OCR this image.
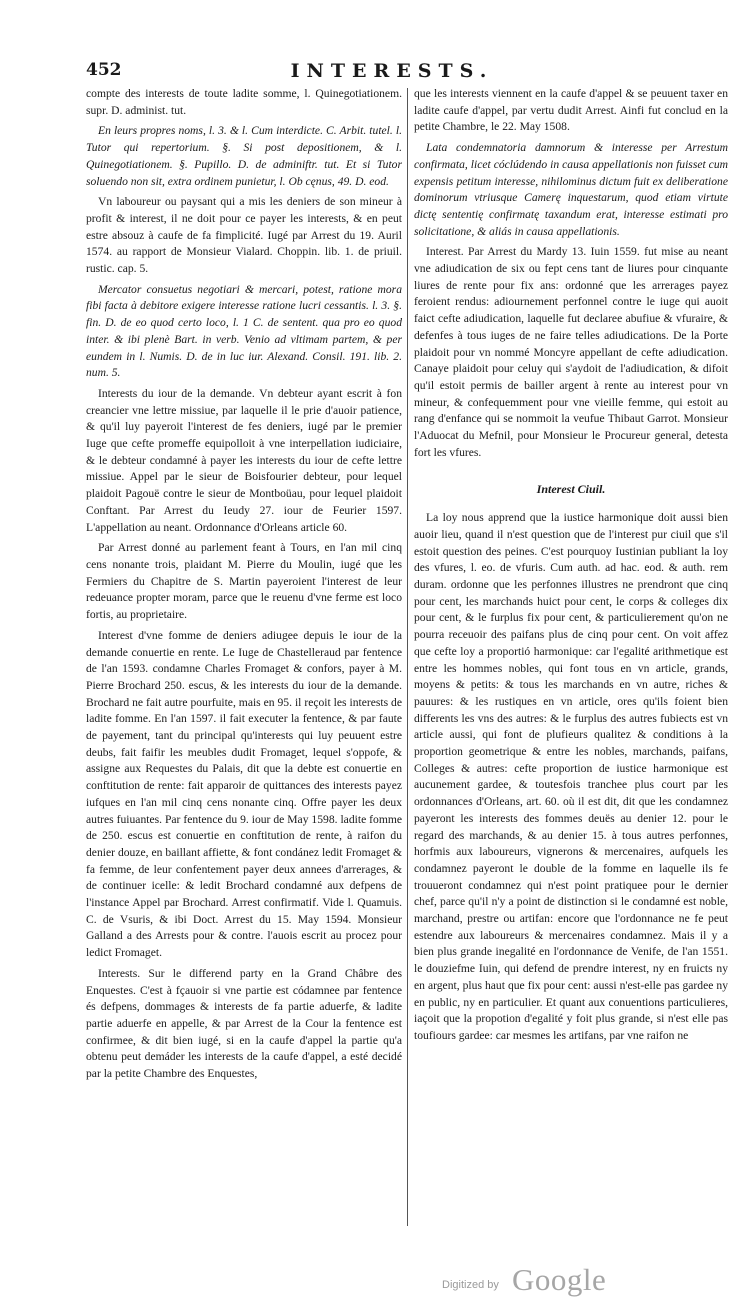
452	INTERESTS.

compte des interests de toute ladite somme, l. Quinegotiationem. supr. D. administ. tut.

En leurs propres noms, l. 3. & l. Cum interdicte. C. Arbit. tutel. l. Tutor qui repertorium. §. Si post depositionem, & l. Quinegotiationem. §. Pupillo. D. de adminiftr. tut. Et si Tutor soluendo non sit, extra ordinem punietur, l. Ob cęnus, 49. D. eod.

Vn laboureur ou paysant qui a mis les deniers de son mineur à profit & interest, il ne doit pour ce payer les interests, & en peut estre absouz à caufe de fa fimplicité. Iugé par Arrest du 19. Auril 1574. au rapport de Monsieur Vialard. Choppin. lib. 1. de priuil. rustic. cap. 5.

Mercator consuetus negotiari & mercari, potest, ratione mora fibi facta à debitore exigere interesse ratione lucri cessantis. l. 3. §. fin. D. de eo quod certo loco, l. 1 C. de sentent. qua pro eo quod inter. & ibi plenè Bart. in verb. Venio ad vltimam partem, & per eundem in l. Numis. D. de in luc iur. Alexand. Consil. 191. lib. 2. num. 5.

Interests du iour de la demande. Vn debteur ayant escrit à fon creancier vne lettre missiue, par laquelle il le prie d'auoir patience, & qu'il luy payeroit l'interest de fes deniers, iugé par le premier Iuge que cefte promeffe equipolloit à vne interpellation iudiciaire, & le debteur condamné à payer les interests du iour de cefte lettre missiue. Appel par le sieur de Boisfourier debteur, pour lequel plaidoit Pagouë contre le sieur de Montboüau, pour lequel plaidoit Conftant. Par Arrest du Ieudy 27. iour de Feurier 1597. L'appellation au neant. Ordonnance d'Orleans article 60.

Par Arrest donné au parlement feant à Tours, en l'an mil cinq cens nonante trois, plaidant M. Pierre du Moulin, iugé que les Fermiers du Chapitre de S. Martin payeroient l'interest de leur redeuance propter moram, parce que le reuenu d'vne ferme est loco fortis, au proprietaire.

Interest d'vne fomme de deniers adiugee depuis le iour de la demande conuertie en rente. Le Iuge de Chastelleraud par fentence de l'an 1593. condamne Charles Fromaget & confors, payer à M. Pierre Brochard 250. escus, & les interests du iour de la demande. Brochard ne fait autre pourfuite, mais en 95. il reçoit les interests de ladite fomme. En l'an 1597. il fait executer la fentence, & par faute de payement, tant du principal qu'interests qui luy peuuent estre deubs, fait faifir les meubles dudit Fromaget, lequel s'oppofe, & assigne aux Requestes du Palais, dit que la debte est conuertie en conftitution de rente: fait apparoir de quittances des interests payez iufques en l'an mil cinq cens nonante cinq. Offre payer les deux autres fuiuantes. Par fentence du 9. iour de May 1598. ladite fomme de 250. escus est conuertie en conftitution de rente, à raifon du denier douze, en baillant affiette, & font condánez ledit Fromaget & fa femme, de leur confentement payer deux annees d'arrerages, & de continuer icelle: & ledit Brochard condamné aux defpens de l'instance Appel par Brochard. Arrest confirmatif. Vide l. Quamuis. C. de Vsuris, & ibi Doct. Arrest du 15. May 1594. Monsieur Galland a des Arrests pour & contre. l'auois escrit au procez pour ledict Fromaget.

Interests. Sur le differend party en la Grand Châbre des Enquestes. C'est à fçauoir si vne partie est códamnee par fentence és defpens, dommages & interests de fa partie aduerfe, & ladite partie aduerfe en appelle, & par Arrest de la Cour la fentence est confirmee, & dit bien iugé, si en la caufe d'appel la partie qu'a obtenu peut demáder les interests de la caufe d'appel, a esté decidé par la petite Chambre des Enquestes,

que les interests viennent en la caufe d'appel & se peuuent taxer en ladite caufe d'appel, par vertu dudit Arrest. Ainfi fut conclud en la petite Chambre, le 22. May 1508.

Lata condemnatoria damnorum & interesse per Arrestum confirmata, licet cóclúdendo in causa appellationis non fuisset cum expensis petitum interesse, nihilominus dictum fuit ex deliberatione dominorum vtriusque Camerę inquestarum, quod etiam virtute dictę sententię confirmatę taxandum erat, interesse estimati pro solicitatione, & aliás in causa appellationis.

Interest. Par Arrest du Mardy 13. Iuin 1559. fut mise au neant vne adiudication de six ou fept cens tant de liures pour cinquante liures de rente pour fix ans: ordonné que les arrerages payez feroient rendus: adiournement perfonnel contre le iuge qui auoit faict cefte adiudication, laquelle fut declaree abufiue & vfuraire, & defenfes à tous iuges de ne faire telles adiudications. De la Porte plaidoit pour vn nommé Moncyre appellant de cefte adiudication. Canaye plaidoit pour celuy qui s'aydoit de l'adiudication, & difoit qu'il estoit permis de bailler argent à rente au interest pour vn mineur, & confequemment pour vne vieille femme, qui estoit au rang d'enfance qui se nommoit la veufue Thibaut Garrot. Monsieur l'Aduocat du Mefnil, pour Monsieur le Procureur general, detesta fort les vfures.

Interest Ciuil.

La loy nous apprend que la iustice harmonique doit aussi bien auoir lieu, quand il n'est question que de l'interest pur ciuil que s'il estoit question des peines. C'est pourquoy Iustinian publiant la loy des vfures, l. eo. de vfuris. Cum auth. ad hac. eod. & auth. rem duram. ordonne que les perfonnes illustres ne prendront que cinq pour cent, les marchands huict pour cent, le corps & colleges dix pour cent, & le furplus fix pour cent, & particulierement qu'on ne pourra receuoir des paifans plus de cinq pour cent. On voit affez que cefte loy a proportió harmonique: car l'egalité arithmetique est entre les hommes nobles, qui font tous en vn article, grands, moyens & petits: & tous les marchands en vn autre, riches & pauures: & les rustiques en vn article, ores qu'ils foient bien differents les vns des autres: & le furplus des autres fubiects est vn article aussi, qui font de plufieurs qualitez & conditions à la proportion geometrique & entre les nobles, marchands, paifans, Colleges & autres: cefte proportion de iustice harmonique est aucunement gardee, & toutesfois tranchee plus court par les ordonnances d'Orleans, art. 60. où il est dit, dit que les condamnez payeront les interests des fommes deuës au denier 12. pour le regard des marchands, & au denier 15. à tous autres perfonnes, horfmis aux laboureurs, vignerons & mercenaires, aufquels les condamnez payeront le double de la fomme en laquelle ils fe trouueront condamnez qui n'est point pratiquee pour le dernier chef, parce qu'il n'y a point de distinction si le condamné est noble, marchand, prestre ou artifan: encore que l'ordonnance ne fe peut estendre aux laboureurs & mercenaires condamnez. Mais il y a bien plus grande inegalité en l'ordonnance de Venife, de l'an 1551. le douziefme Iuin, qui defend de prendre interest, ny en fruicts ny en argent, plus haut que fix pour cent: aussi n'est-elle pas gardee ny en public, ny en particulier. Et quant aux conuentions particulieres, iaçoit que la propotion d'egalité y foit plus grande, si n'est elle pas toufiours gardee: car mesmes les artifans, par vne raifon ne

Digitized by Google
